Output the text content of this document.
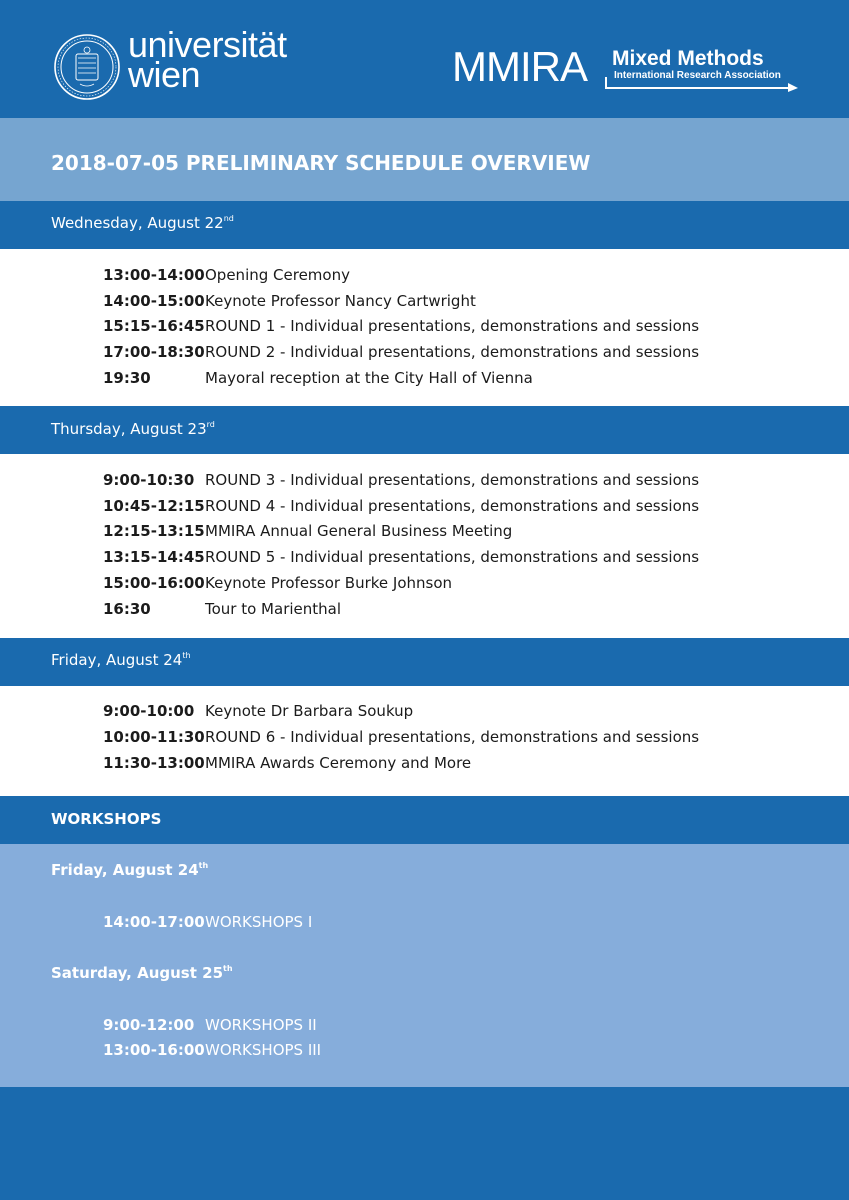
universität
wien	MMIRA Mixed Methods
International Research Association
2018-07-05 PRELIMINARY SCHEDULE OVERVIEW
Wednesday, August 22nd
13:00-14:00 Opening Ceremony
14:00-15:00 Keynote Professor Nancy Cartwright
15:15-16:45 ROUND 1 - Individual presentations, demonstrations and sessions
17:00-18:30 ROUND 2 - Individual presentations, demonstrations and sessions
19:30	Mayoral reception at the City Hall of Vienna
Thursday, August 23rd
9:00-10:30 ROUND 3 - Individual presentations, demonstrations and sessions
10:45-12:15 ROUND 4 - Individual presentations, demonstrations and sessions
12:15-13:15 MMIRA Annual General Business Meeting
13:15-14:45 ROUND 5 - Individual presentations, demonstrations and sessions
15:00-16:00 Keynote Professor Burke Johnson
16:30	Tour to Marienthal
Friday, August 24th
9:00-10:00 Keynote Dr Barbara Soukup
10:00-11:30 ROUND 6 - Individual presentations, demonstrations and sessions
11:30-13:00 MMIRA Awards Ceremony and More
WORKSHOPS
Friday, August 24th
14:00-17:00 WORKSHOPS I
Saturday, August 25th
9:00-12:00 WORKSHOPS II
13:00-16:00 WORKSHOPS III
